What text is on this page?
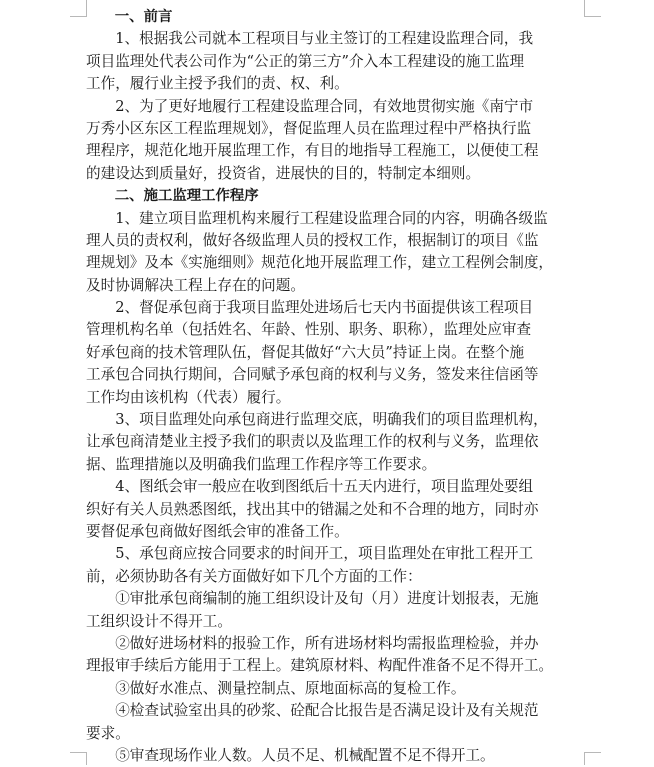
　　一、前言
　　1、根据我公司就本工程项目与业主签订的工程建设监理合同，我
项目监理处代表公司作为“公正的第三方”介入本工程建设的施工监理
工作，履行业主授予我们的责、权、利。
　　2、为了更好地履行工程建设监理合同，有效地贯彻实施《南宁市
万秀小区东区工程监理规划》，督促监理人员在监理过程中严格执行监
理程序，规范化地开展监理工作，有目的地指导工程施工，以便使工程
的建设达到质量好，投资省，进展快的目的，特制定本细则。
　　二、施工监理工作程序
　　1、建立项目监理机构来履行工程建设监理合同的内容，明确各级监
理人员的责权利，做好各级监理人员的授权工作，根据制订的项目《监
理规划》及本《实施细则》规范化地开展监理工作，建立工程例会制度，
及时协调解决工程上存在的问题。
　　2、督促承包商于我项目监理处进场后七天内书面提供该工程项目
管理机构名单（包括姓名、年龄、性别、职务、职称），监理处应审查
好承包商的技术管理队伍，督促其做好“六大员”持证上岗。在整个施
工承包合同执行期间，合同赋予承包商的权利与义务，签发来往信函等
工作均由该机构（代表）履行。
　　3、项目监理处向承包商进行监理交底，明确我们的项目监理机构，
让承包商清楚业主授予我们的职责以及监理工作的权利与义务，监理依
据、监理措施以及明确我们监理工作程序等工作要求。
　　4、图纸会审一般应在收到图纸后十五天内进行，项目监理处要组
织好有关人员熟悉图纸，找出其中的错漏之处和不合理的地方，同时亦
要督促承包商做好图纸会审的准备工作。
　　5、承包商应按合同要求的时间开工，项目监理处在审批工程开工
前，必须协助各有关方面做好如下几个方面的工作：
　　①审批承包商编制的施工组织设计及旬（月）进度计划报表，无施
工组织设计不得开工。
　　②做好进场材料的报验工作，所有进场材料均需报监理检验，并办
理报审手续后方能用于工程上。建筑原材料、构配件准备不足不得开工。
　　③做好水准点、测量控制点、原地面标高的复检工作。
　　④检查试验室出具的砂浆、砼配合比报告是否满足设计及有关规范
要求。
　　⑤审查现场作业人数。人员不足、机械配置不足不得开工。
